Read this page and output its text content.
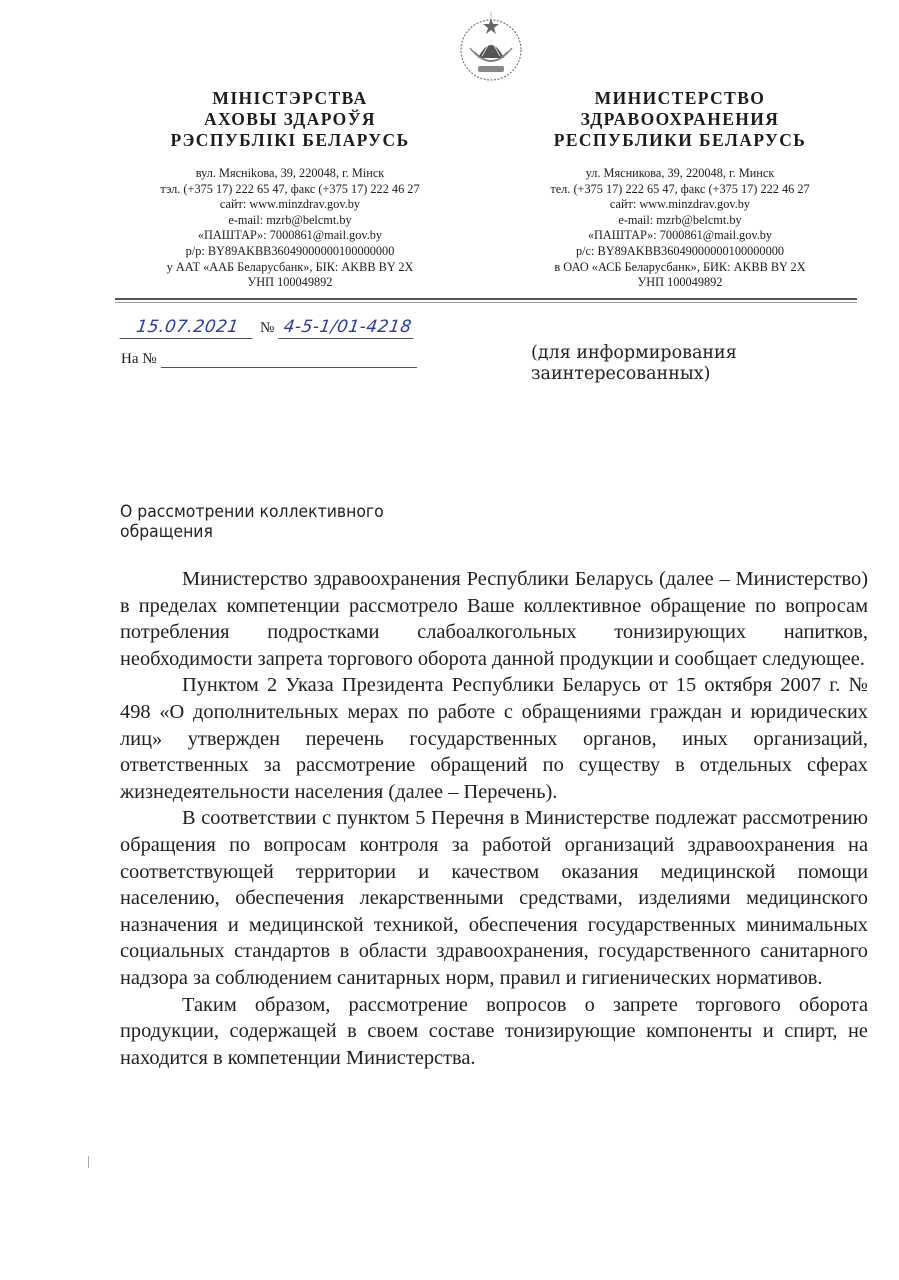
МІНІСТЭРСТВА
АХОВЫ ЗДАРОЎЯ
РЭСПУБЛІКІ БЕЛАРУСЬ
вул. Мясніkова, 39, 220048, г. Мінск
тэл. (+375 17) 222 65 47, факс (+375 17) 222 46 27
сайт: www.minzdrav.gov.by
e-mail: mzrb@belcmt.by
«ПАШТАР»: 7000861@mail.gov.by
р/р: BY89AKBB36049000000100000000
у ААТ «ААБ Беларусбанк», БІК: AKBB BY 2X
УНП 100049892
МИНИСТЕРСТВО
ЗДРАВООХРАНЕНИЯ
РЕСПУБЛИКИ БЕЛАРУСЬ
ул. Мясникова, 39, 220048, г. Минск
тел. (+375 17) 222 65 47, факс (+375 17) 222 46 27
сайт: www.minzdrav.gov.by
e-mail: mzrb@belcmt.by
«ПАШТАР»: 7000861@mail.gov.by
р/с: BY89AKBB36049000000100000000
в ОАО «АСБ Беларусбанк», БИК: AKBB BY 2X
УНП 100049892
15.07.2021	№ 4-5-1/01-4218
На №	(для информирования
заинтересованных)
О рассмотрении коллективного
обращения

Министерство здравоохранения Республики Беларусь (далее – Министерство) в пределах компетенции рассмотрело Ваше коллективное обращение по вопросам потребления подростками слабоалкогольных тонизирующих напитков, необходимости запрета торгового оборота данной продукции и сообщает следующее.

Пунктом 2 Указа Президента Республики Беларусь от 15 октября 2007 г. № 498 «О дополнительных мерах по работе с обращениями граждан и юридических лиц» утвержден перечень государственных органов, иных организаций, ответственных за рассмотрение обращений по существу в отдельных сферах жизнедеятельности населения (далее – Перечень).

В соответствии с пунктом 5 Перечня в Министерстве подлежат рассмотрению обращения по вопросам контроля за работой организаций здравоохранения на соответствующей территории и качеством оказания медицинской помощи населению, обеспечения лекарственными средствами, изделиями медицинского назначения и медицинской техникой, обеспечения государственных минимальных социальных стандартов в области здравоохранения, государственного санитарного надзора за соблюдением санитарных норм, правил и гигиенических нормативов.

Таким образом, рассмотрение вопросов о запрете торгового оборота продукции, содержащей в своем составе тонизирующие компоненты и спирт, не находится в компетенции Министерства.
